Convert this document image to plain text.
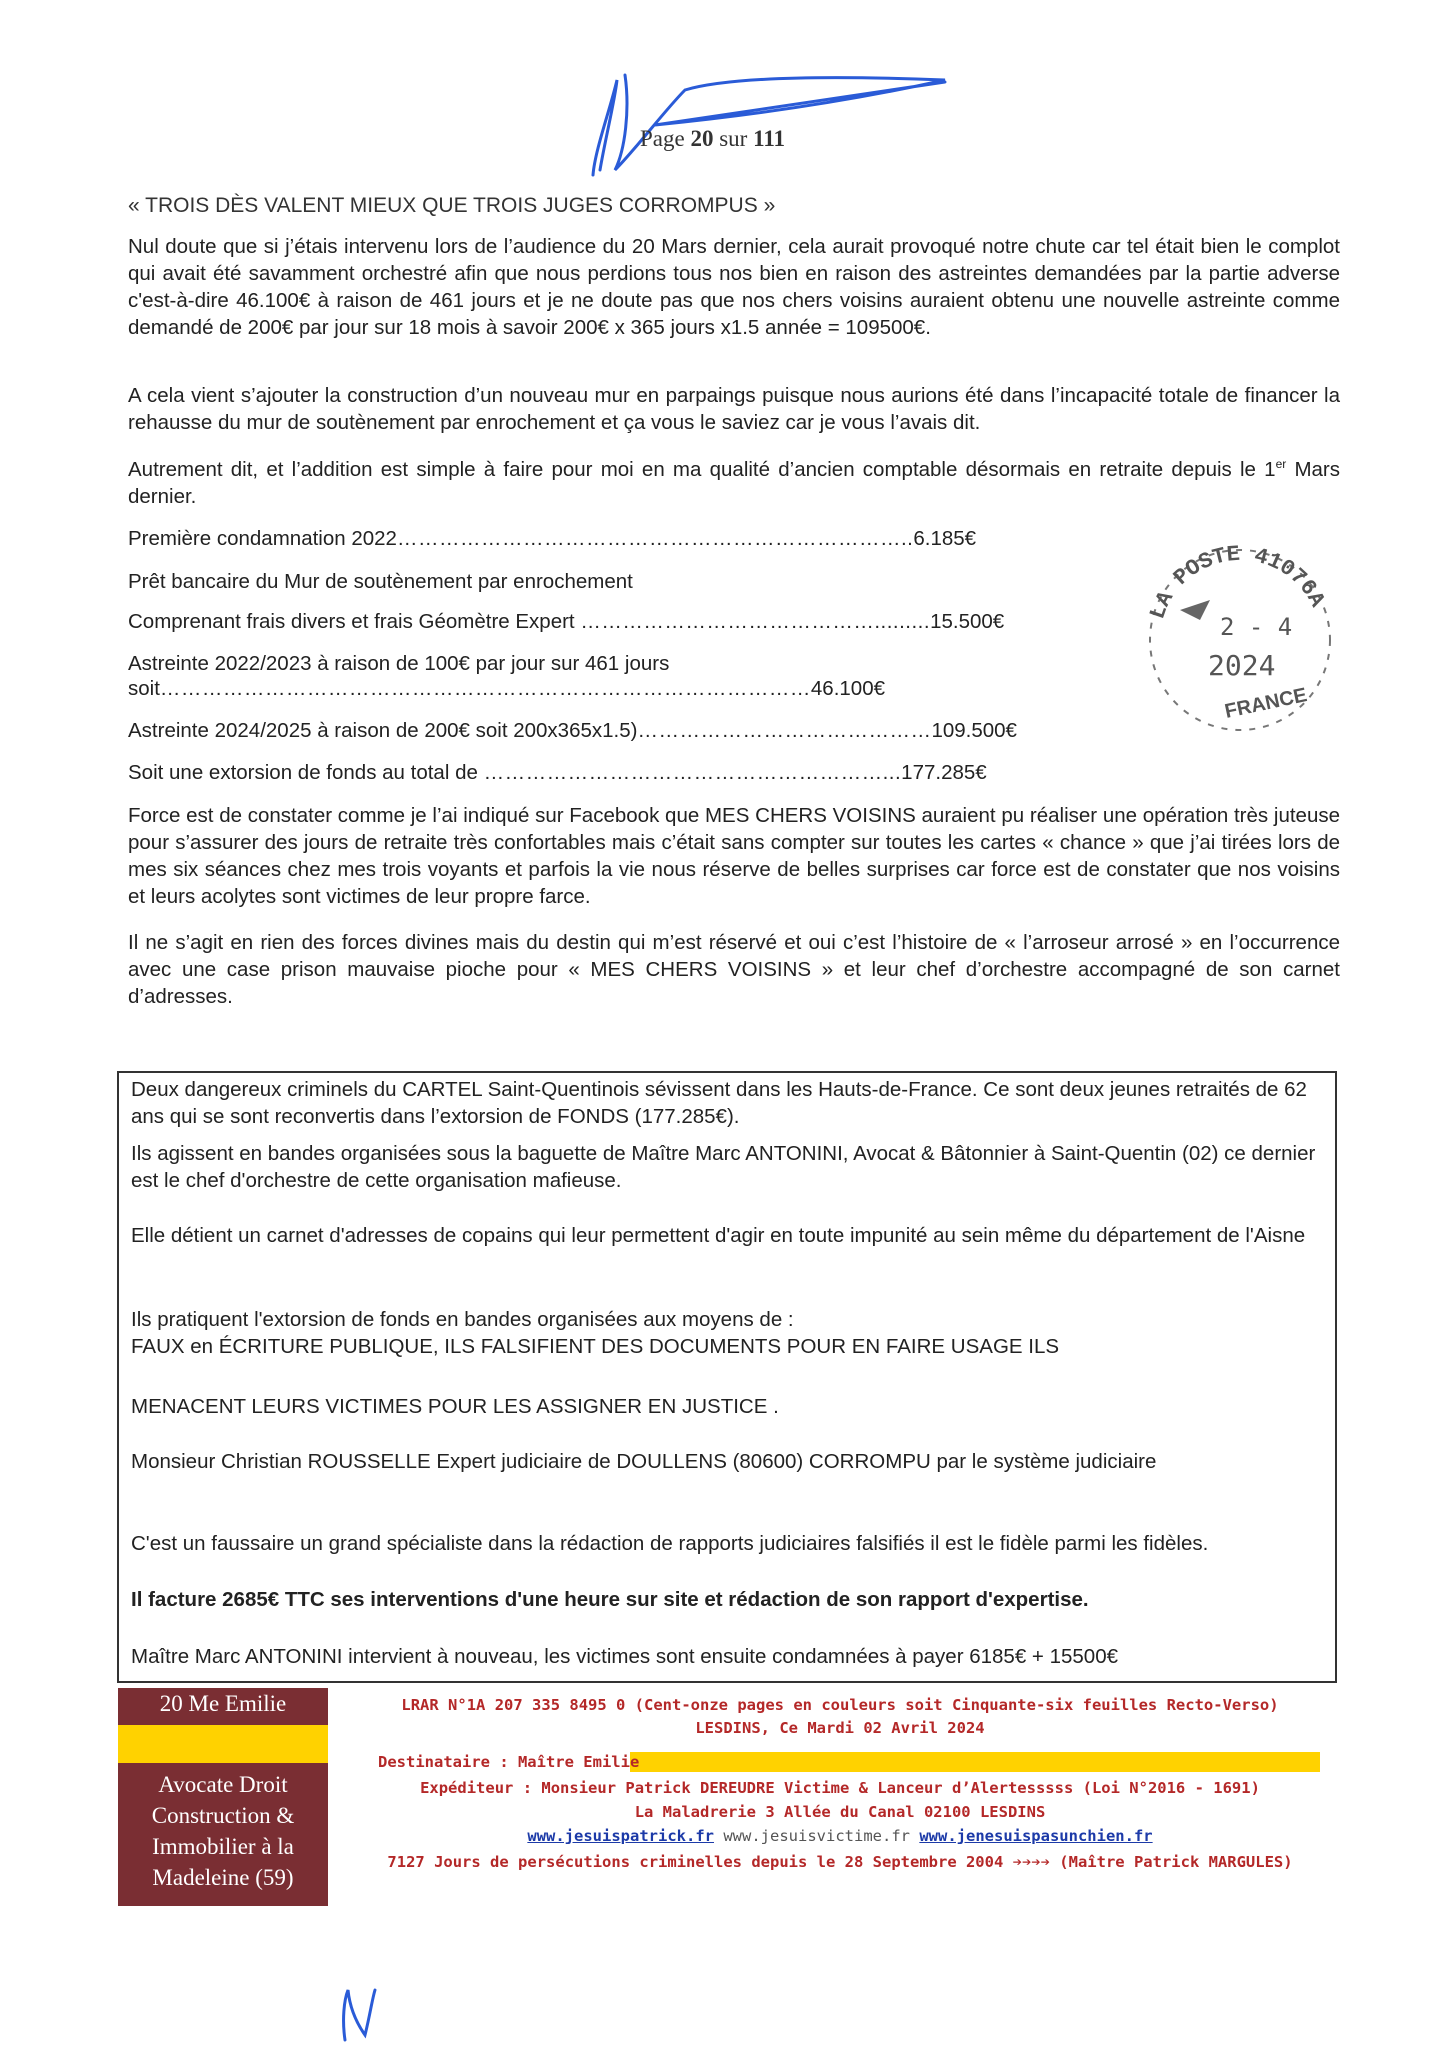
Page 20 sur 111
« TROIS DÈS VALENT MIEUX QUE TROIS JUGES CORROMPUS »
Nul doute que si j’étais intervenu lors de l’audience du 20 Mars dernier, cela aurait provoqué notre chute car tel était bien le complot qui avait été savamment orchestré afin que nous perdions tous nos bien en raison des astreintes demandées par la partie adverse c'est-à-dire 46.100€ à raison de 461 jours et je ne doute pas que nos chers voisins auraient obtenu une nouvelle astreinte comme demandé de 200€ par jour sur 18 mois à savoir 200€ x 365 jours x1.5 année = 109500€.
A cela vient s’ajouter la construction d’un nouveau mur en parpaings puisque nous aurions été dans l’incapacité totale de financer la rehausse du mur de soutènement par enrochement et ça vous le saviez car je vous l’avais dit.
Autrement dit, et l’addition est simple à faire pour moi en ma qualité d’ancien comptable désormais en retraite depuis le 1er Mars dernier.
Première condamnation 2022………………………………………………………………..6.185€
Prêt bancaire du Mur de soutènement par enrochement
Comprenant frais divers et frais Géomètre Expert …………………………………….........15.500€
Astreinte 2022/2023 à raison de 100€ par jour sur 461 jours
soit…………………………………………………………………………………46.100€
Astreinte 2024/2025 à raison de 200€ soit 200x365x1.5)……………………………………109.500€
Soit une extorsion de fonds au total de …………………………………………………...177.285€
LA POSTE 41076A
2 - 4
2024
FRANCE
Force est de constater comme je l’ai indiqué sur Facebook que MES CHERS VOISINS auraient pu réaliser une opération très juteuse pour s’assurer des jours de retraite très confortables mais c’était sans compter sur toutes les cartes « chance » que j’ai tirées lors de mes six séances chez mes trois voyants et parfois la vie nous réserve de belles surprises car force est de constater que nos voisins et leurs acolytes sont victimes de leur propre farce.
Il ne s’agit en rien des forces divines mais du destin qui m’est réservé et oui c’est l’histoire de « l’arroseur arrosé » en l’occurrence avec une case prison mauvaise pioche pour « MES CHERS VOISINS » et leur chef d’orchestre accompagné de son carnet d’adresses.
Deux dangereux criminels du CARTEL Saint-Quentinois sévissent dans les Hauts-de-France. Ce sont deux jeunes retraités de 62 ans qui se sont reconvertis dans l’extorsion de FONDS (177.285€).
Ils agissent en bandes organisées sous la baguette de Maître Marc ANTONINI, Avocat & Bâtonnier à Saint-Quentin (02) ce dernier est le chef d'orchestre de cette organisation mafieuse.
Elle détient un carnet d'adresses de copains qui leur permettent d'agir en toute impunité au sein même du département de l'Aisne
Ils pratiquent l'extorsion de fonds en bandes organisées aux moyens de :
FAUX en ÉCRITURE PUBLIQUE, ILS FALSIFIENT DES DOCUMENTS POUR EN FAIRE USAGE ILS
MENACENT LEURS VICTIMES POUR LES ASSIGNER EN JUSTICE .
Monsieur Christian ROUSSELLE Expert judiciaire de DOULLENS (80600) CORROMPU par le système judiciaire
C'est un faussaire un grand spécialiste dans la rédaction de rapports judiciaires falsifiés il est le fidèle parmi les fidèles.
Il facture 2685€ TTC ses interventions d'une heure sur site et rédaction de son rapport d'expertise.
Maître Marc ANTONINI intervient à nouveau, les victimes sont ensuite condamnées à payer 6185€ + 15500€
20 Me Emilie
Avocate Droit
Construction &
Immobilier à la
Madeleine (59)
LRAR N°1A 207 335 8495 0 (Cent-onze pages en couleurs soit Cinquante-six feuilles Recto-Verso)
LESDINS, Ce Mardi 02 Avril 2024
Destinataire : Maître Emilie
Expéditeur : Monsieur Patrick DEREUDRE Victime & Lanceur d’Alertesssss (Loi N°2016 - 1691)
La Maladrerie 3 Allée du Canal 02100 LESDINS
www.jesuispatrick.fr www.jesuisvictime.fr www.jenesuispasunchien.fr
7127 Jours de persécutions criminelles depuis le 28 Septembre 2004 ➔➔➔➔ (Maître Patrick MARGULES)
